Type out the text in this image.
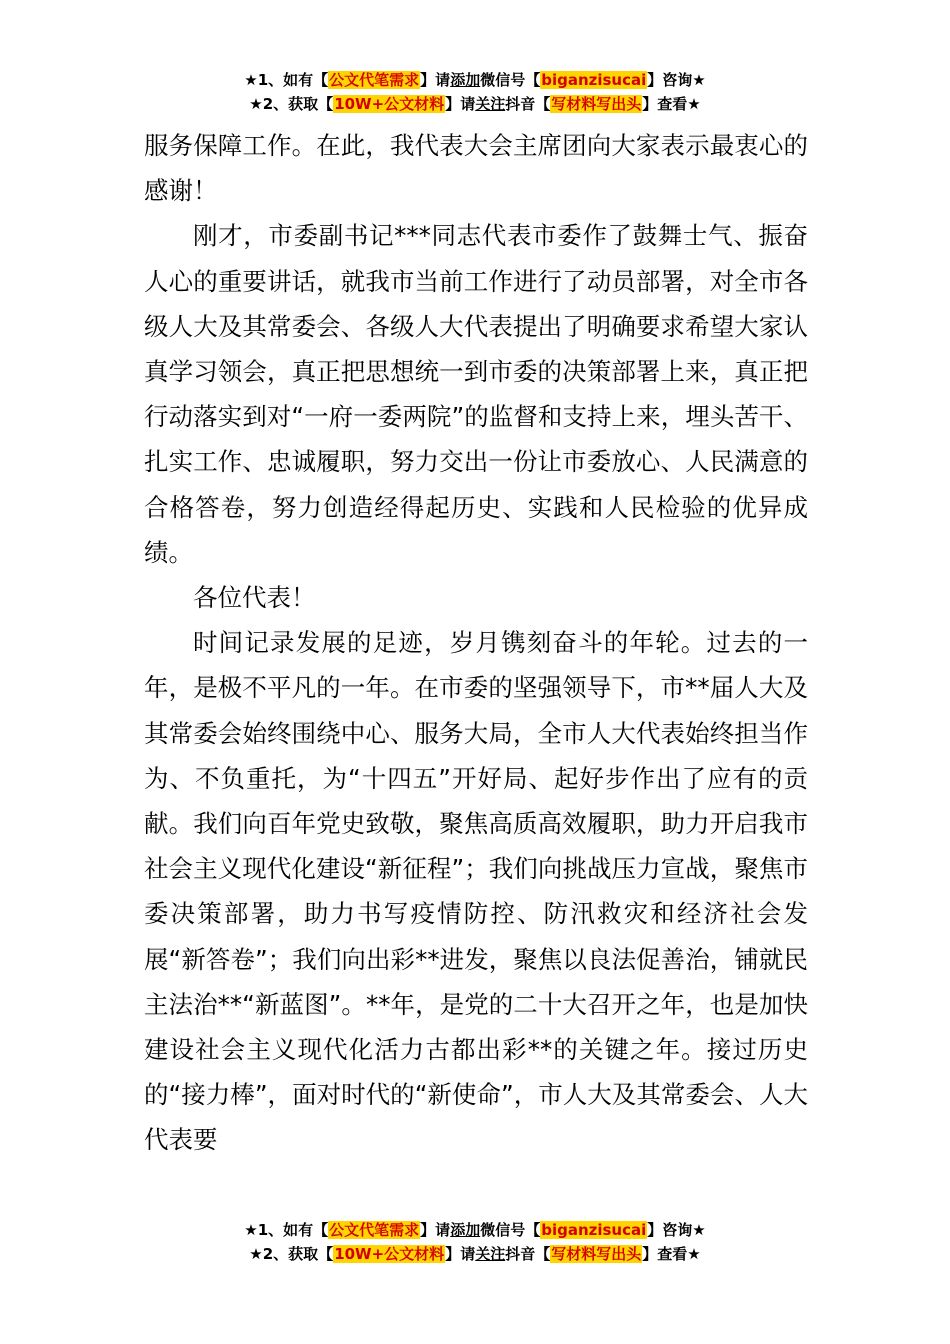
★1、如有【公文代笔需求】请添加微信号【biganzisucai】咨询★
★2、获取【10W+公文材料】请关注抖音【写材料写出头】查看★

服务保障工作。在此，我代表大会主席团向大家表示最衷心的感谢！

刚才，市委副书记***同志代表市委作了鼓舞士气、振奋人心的重要讲话，就我市当前工作进行了动员部署，对全市各级人大及其常委会、各级人大代表提出了明确要求希望大家认真学习领会，真正把思想统一到市委的决策部署上来，真正把行动落实到对“一府一委两院”的监督和支持上来，埋头苦干、扎实工作、忠诚履职，努力交出一份让市委放心、人民满意的合格答卷，努力创造经得起历史、实践和人民检验的优异成绩。

各位代表！

时间记录发展的足迹，岁月镌刻奋斗的年轮。过去的一年，是极不平凡的一年。在市委的坚强领导下，市**届人大及其常委会始终围绕中心、服务大局，全市人大代表始终担当作为、不负重托，为“十四五”开好局、起好步作出了应有的贡献。我们向百年党史致敬，聚焦高质高效履职，助力开启我市社会主义现代化建设“新征程”；我们向挑战压力宣战，聚焦市委决策部署，助力书写疫情防控、防汛救灾和经济社会发展“新答卷”；我们向出彩**进发，聚焦以良法促善治，铺就民主法治**“新蓝图”。**年，是党的二十大召开之年，也是加快建设社会主义现代化活力古都出彩**的关键之年。接过历史的“接力棒”，面对时代的“新使命”，市人大及其常委会、人大代表要

★1、如有【公文代笔需求】请添加微信号【biganzisucai】咨询★
★2、获取【10W+公文材料】请关注抖音【写材料写出头】查看★
